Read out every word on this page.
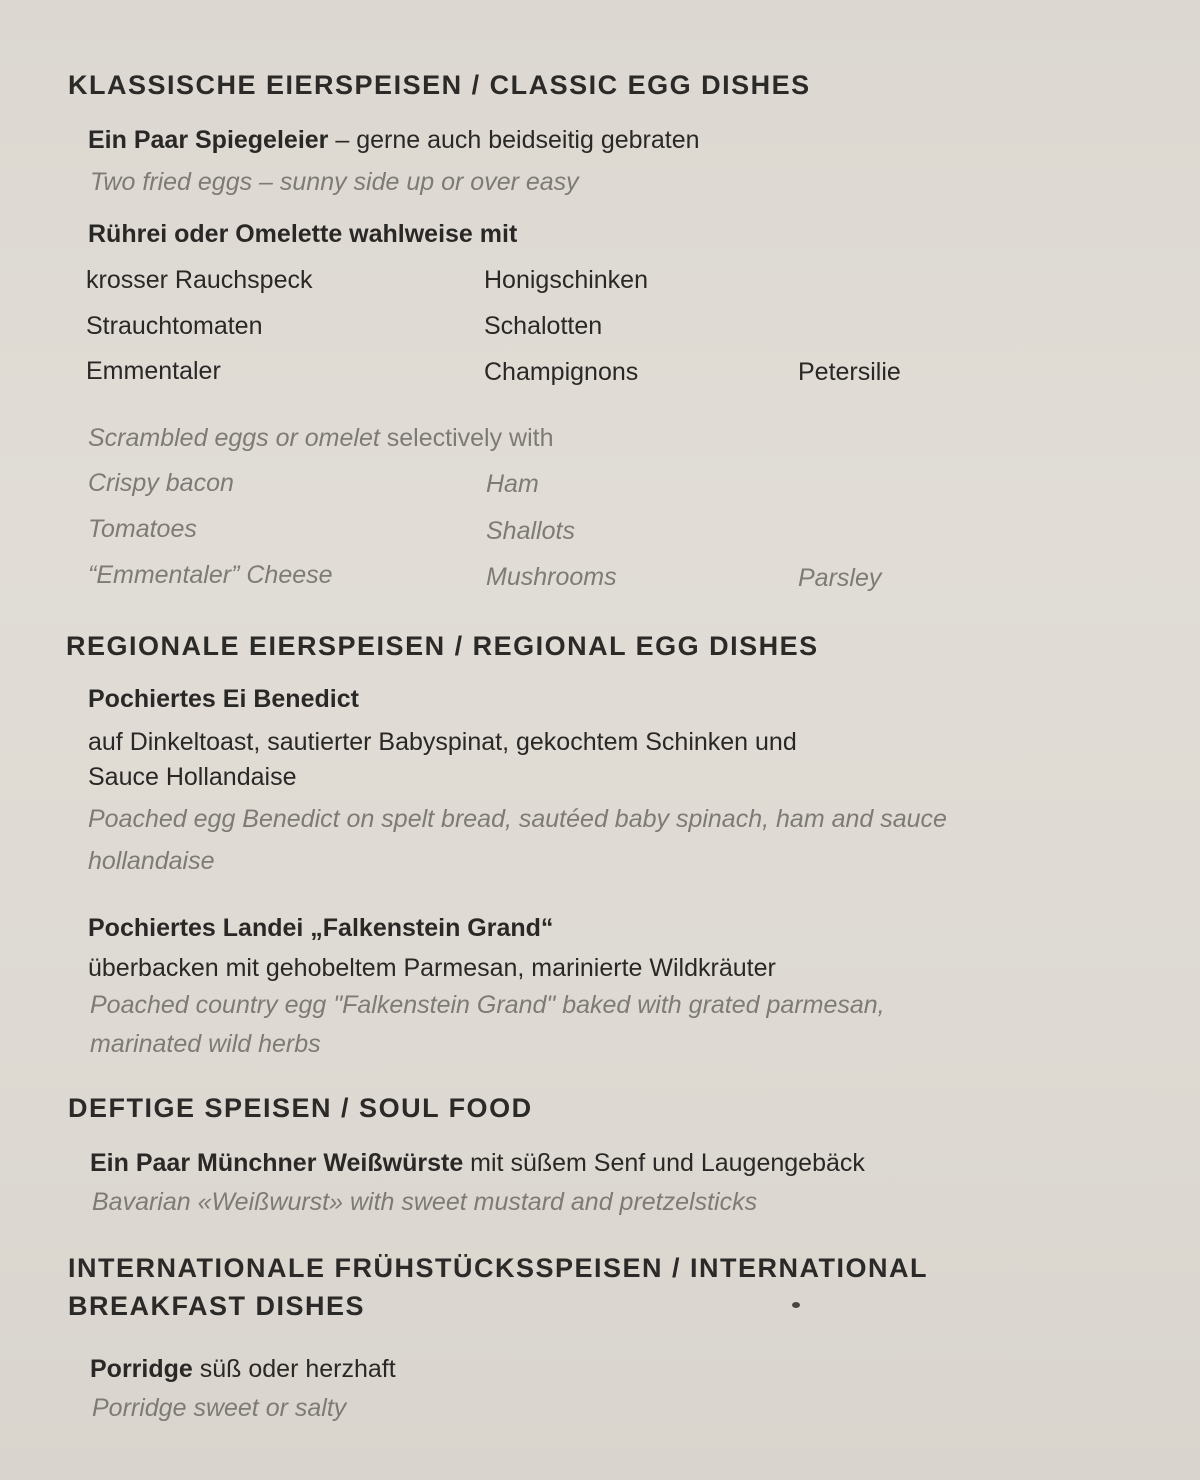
KLASSISCHE EIERSPEISEN / CLASSIC EGG DISHES
Ein Paar Spiegeleier – gerne auch beidseitig gebraten
Two fried eggs – sunny side up or over easy
Rührei oder Omelette wahlweise mit
krosser Rauchspeck	Honigschinken
Strauchtomaten	Schalotten
Emmentaler	Champignons	Petersilie
Scrambled eggs or omelet selectively with
Crispy bacon	Ham
Tomatoes	Shallots
“Emmentaler” Cheese	Mushrooms	Parsley
REGIONALE EIERSPEISEN / REGIONAL EGG DISHES
Pochiertes Ei Benedict
auf Dinkeltoast, sautierter Babyspinat, gekochtem Schinken und
Sauce Hollandaise
Poached egg Benedict on spelt bread, sautéed baby spinach, ham and sauce
hollandaise
Pochiertes Landei „Falkenstein Grand“
überbacken mit gehobeltem Parmesan, marinierte Wildkräuter
Poached country egg "Falkenstein Grand" baked with grated parmesan,
marinated wild herbs
DEFTIGE SPEISEN / SOUL FOOD
Ein Paar Münchner Weißwürste mit süßem Senf und Laugengebäck
Bavarian «Weißwurst» with sweet mustard and pretzelsticks
INTERNATIONALE FRÜHSTÜCKSSPEISEN / INTERNATIONAL
BREAKFAST DISHES
Porridge süß oder herzhaft
Porridge sweet or salty
